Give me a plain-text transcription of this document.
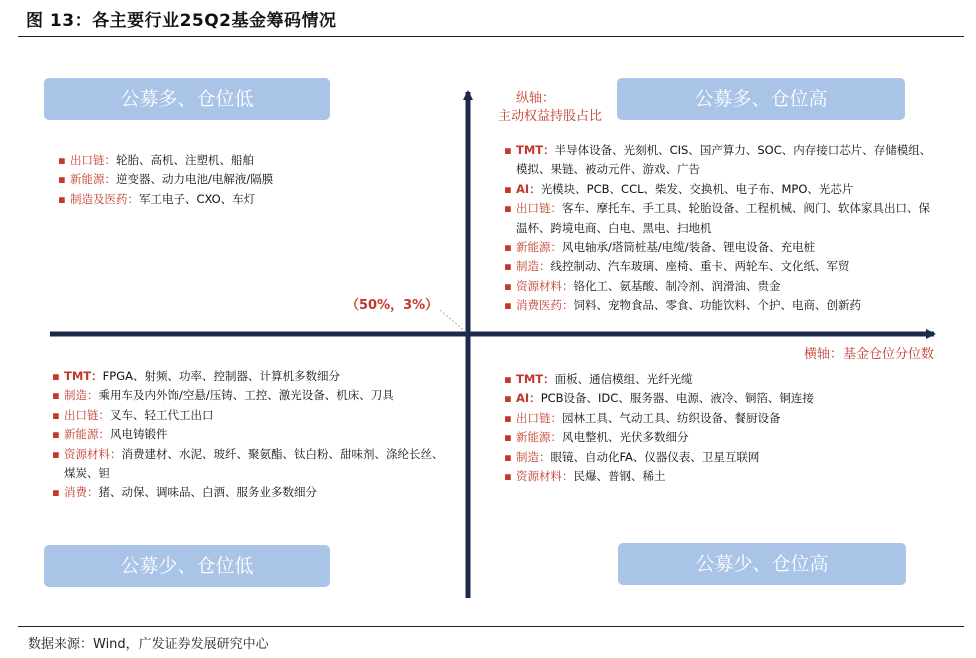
图 13：各主要行业25Q2基金筹码情况
公募多、仓位低	公募多、仓位高
公募少、仓位低	公募少、仓位高
纵轴：
主动权益持股占比
横轴：基金仓位分位数
（50%，3%）
▪ 出口链：轮胎、高机、注塑机、船舶
▪ 新能源：逆变器、动力电池/电解液/隔膜
▪ 制造及医药：军工电子、CXO、车灯
▪ TMT：半导体设备、光刻机、CIS、国产算力、SOC、内存接口芯片、存储模组、模拟、果链、被动元件、游戏、广告
▪ AI：光模块、PCB、CCL、柴发、交换机、电子布、MPO、光芯片
▪ 出口链：客车、摩托车、手工具、轮胎设备、工程机械、阀门、软体家具出口、保温杯、跨境电商、白电、黑电、扫地机
▪ 新能源：风电轴承/塔筒桩基/电缆/装备、锂电设备、充电桩
▪ 制造：线控制动、汽车玻璃、座椅、重卡、两轮车、文化纸、军贸
▪ 资源材料：铬化工、氨基酸、制冷剂、润滑油、贵金
▪ 消费医药：饲料、宠物食品、零食、功能饮料、个护、电商、创新药
▪ TMT：FPGA、射频、功率、控制器、计算机多数细分
▪ 制造：乘用车及内外饰/空悬/压铸、工控、激光设备、机床、刀具
▪ 出口链：叉车、轻工代工出口
▪ 新能源：风电铸锻件
▪ 资源材料：消费建材、水泥、玻纤、聚氨酯、钛白粉、甜味剂、涤纶长丝、煤炭、钽
▪ 消费：猪、动保、调味品、白酒、服务业多数细分
▪ TMT：面板、通信模组、光纤光缆
▪ AI：PCB设备、IDC、服务器、电源、液冷、铜箔、铜连接
▪ 出口链：园林工具、气动工具、纺织设备、餐厨设备
▪ 新能源：风电整机、光伏多数细分
▪ 制造：眼镜、自动化FA、仪器仪表、卫星互联网
▪ 资源材料：民爆、普钢、稀土
数据来源：Wind，广发证券发展研究中心
